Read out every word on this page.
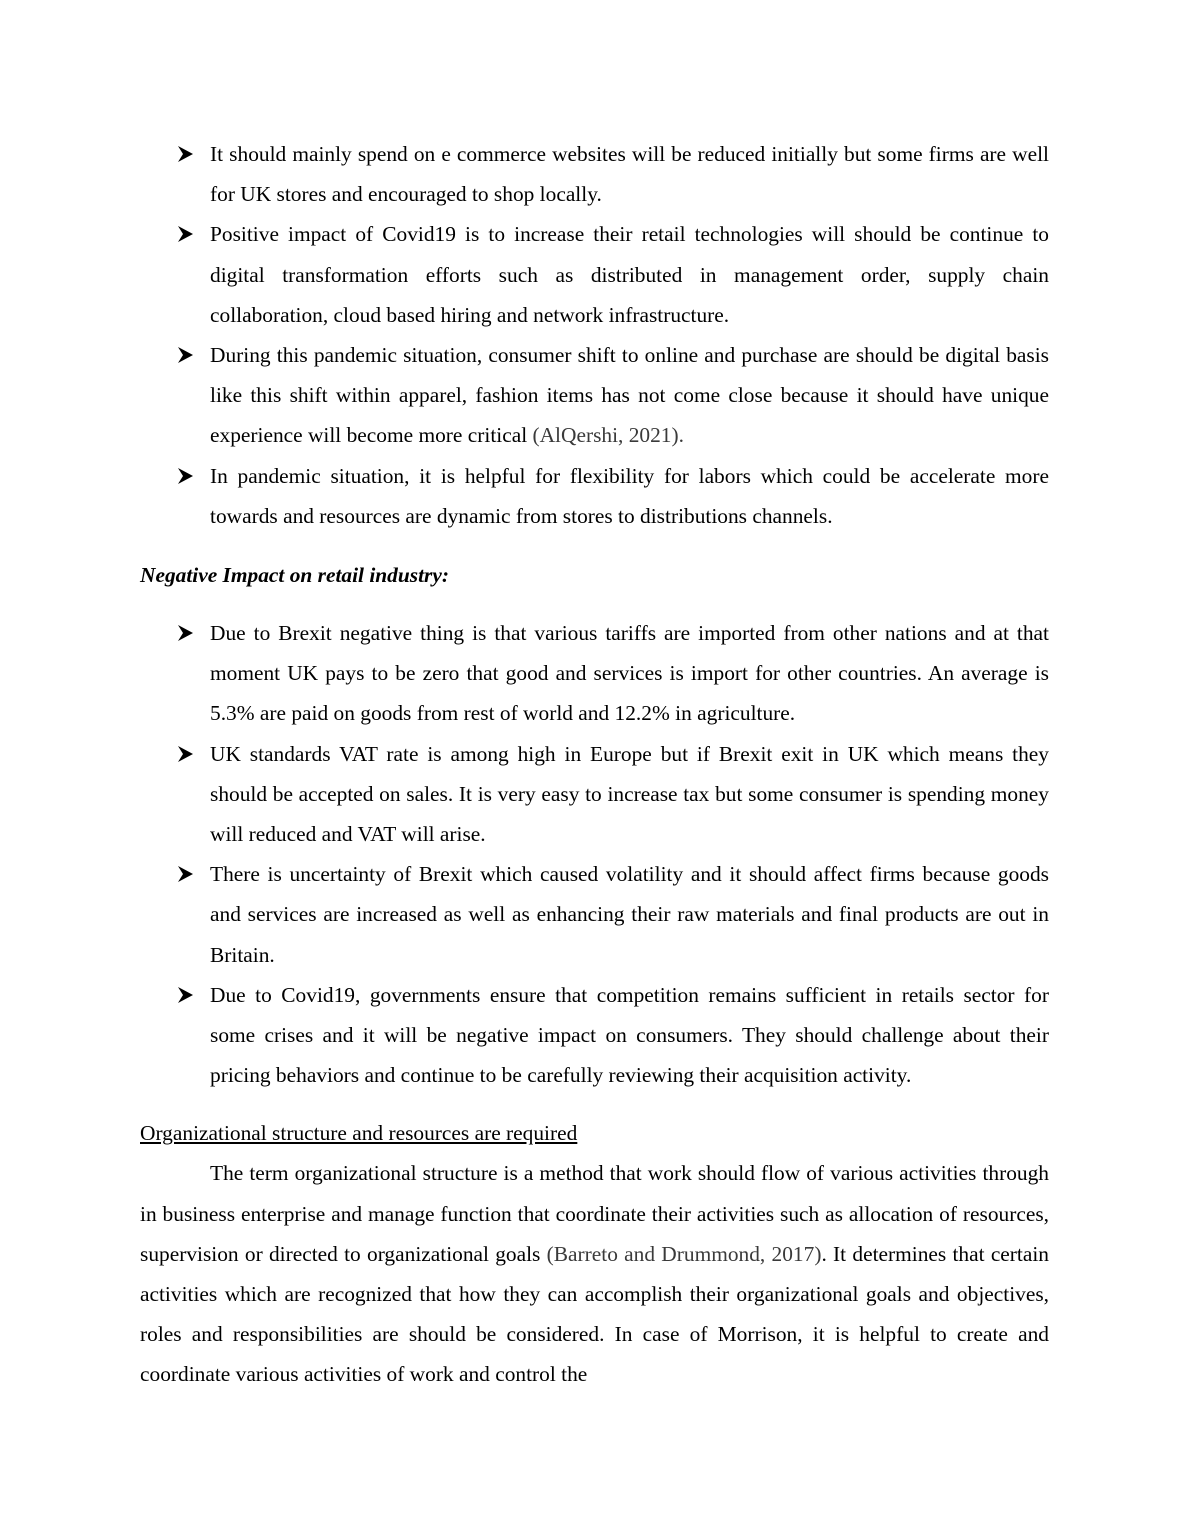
It should mainly spend on e commerce websites will be reduced initially but some firms are well for UK stores and encouraged to shop locally.
Positive impact of Covid19 is to increase their retail technologies will should be continue to digital transformation efforts such as distributed in management order, supply chain collaboration, cloud based hiring and network infrastructure.
During this pandemic situation, consumer shift to online and purchase are should be digital basis like this shift within apparel, fashion items has not come close because it should have unique experience will become more critical (AlQershi, 2021).
In pandemic situation, it is helpful for flexibility for labors which could be accelerate more towards and resources are dynamic from stores to distributions channels.
Negative Impact on retail industry:
Due to Brexit negative thing is that various tariffs are imported from other nations and at that moment UK pays to be zero that good and services is import for other countries. An average is 5.3% are paid on goods from rest of world and 12.2% in agriculture.
UK standards VAT rate is among high in Europe but if Brexit exit in UK which means they should be accepted on sales. It is very easy to increase tax but some consumer is spending money will reduced and VAT will arise.
There is uncertainty of Brexit which caused volatility and it should affect firms because goods and services are increased as well as enhancing their raw materials and final products are out in Britain.
Due to Covid19, governments ensure that competition remains sufficient in retails sector for some crises and it will be negative impact on consumers. They should challenge about their pricing behaviors and continue to be carefully reviewing their acquisition activity.
Organizational structure and resources are required

The term organizational structure is a method that work should flow of various activities through in business enterprise and manage function that coordinate their activities such as allocation of resources, supervision or directed to organizational goals (Barreto and Drummond, 2017). It determines that certain activities which are recognized that how they can accomplish their organizational goals and objectives, roles and responsibilities are should be considered. In case of Morrison, it is helpful to create and coordinate various activities of work and control the
